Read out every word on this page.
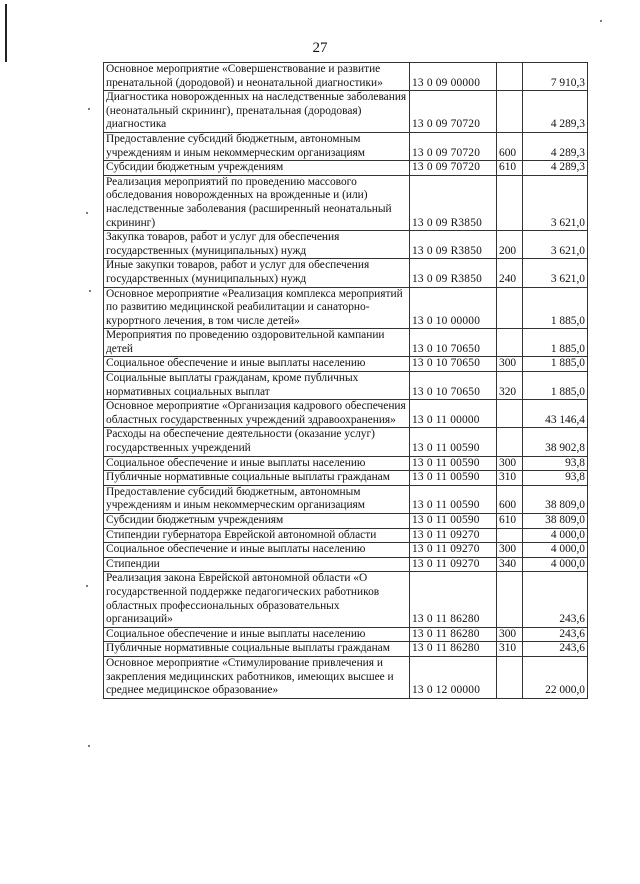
27
Основное мероприятие «Совершенствование и развитие пренатальной (дородовой) и неонатальной диагностики»	13 0 09 00000		7 910,3
Диагностика новорожденных на наследственные заболевания (неонатальный скрининг), пренатальная (дородовая) диагностика	13 0 09 70720		4 289,3
Предоставление субсидий бюджетным, автономным учреждениям и иным некоммерческим организациям	13 0 09 70720	600	4 289,3
Субсидии бюджетным учреждениям	13 0 09 70720	610	4 289,3
Реализация мероприятий по проведению массового обследования новорожденных на врожденные и (или) наследственные заболевания (расширенный неонатальный скрининг)	13 0 09 R3850		3 621,0
Закупка товаров, работ и услуг для обеспечения государственных (муниципальных) нужд	13 0 09 R3850	200	3 621,0
Иные закупки товаров, работ и услуг для обеспечения государственных (муниципальных) нужд	13 0 09 R3850	240	3 621,0
Основное мероприятие «Реализация комплекса мероприятий по развитию медицинской реабилитации и санаторно-курортного лечения, в том числе детей»	13 0 10 00000		1 885,0
Мероприятия по проведению оздоровительной кампании детей	13 0 10 70650		1 885,0
Социальное обеспечение и иные выплаты населению	13 0 10 70650	300	1 885,0
Социальные выплаты гражданам, кроме публичных нормативных социальных выплат	13 0 10 70650	320	1 885,0
Основное мероприятие «Организация кадрового обеспечения областных государственных учреждений здравоохранения»	13 0 11 00000		43 146,4
Расходы на обеспечение деятельности (оказание услуг) государственных учреждений	13 0 11 00590		38 902,8
Социальное обеспечение и иные выплаты населению	13 0 11 00590	300	93,8
Публичные нормативные социальные выплаты гражданам	13 0 11 00590	310	93,8
Предоставление субсидий бюджетным, автономным учреждениям и иным некоммерческим организациям	13 0 11 00590	600	38 809,0
Субсидии бюджетным учреждениям	13 0 11 00590	610	38 809,0
Стипендии губернатора Еврейской автономной области	13 0 11 09270		4 000,0
Социальное обеспечение и иные выплаты населению	13 0 11 09270	300	4 000,0
Стипендии	13 0 11 09270	340	4 000,0
Реализация закона Еврейской автономной области «О государственной поддержке педагогических работников областных профессиональных образовательных организаций»	13 0 11 86280		243,6
Социальное обеспечение и иные выплаты населению	13 0 11 86280	300	243,6
Публичные нормативные социальные выплаты гражданам	13 0 11 86280	310	243,6
Основное мероприятие «Стимулирование привлечения и закрепления медицинских работников, имеющих высшее и среднее медицинское образование»	13 0 12 00000		22 000,0
